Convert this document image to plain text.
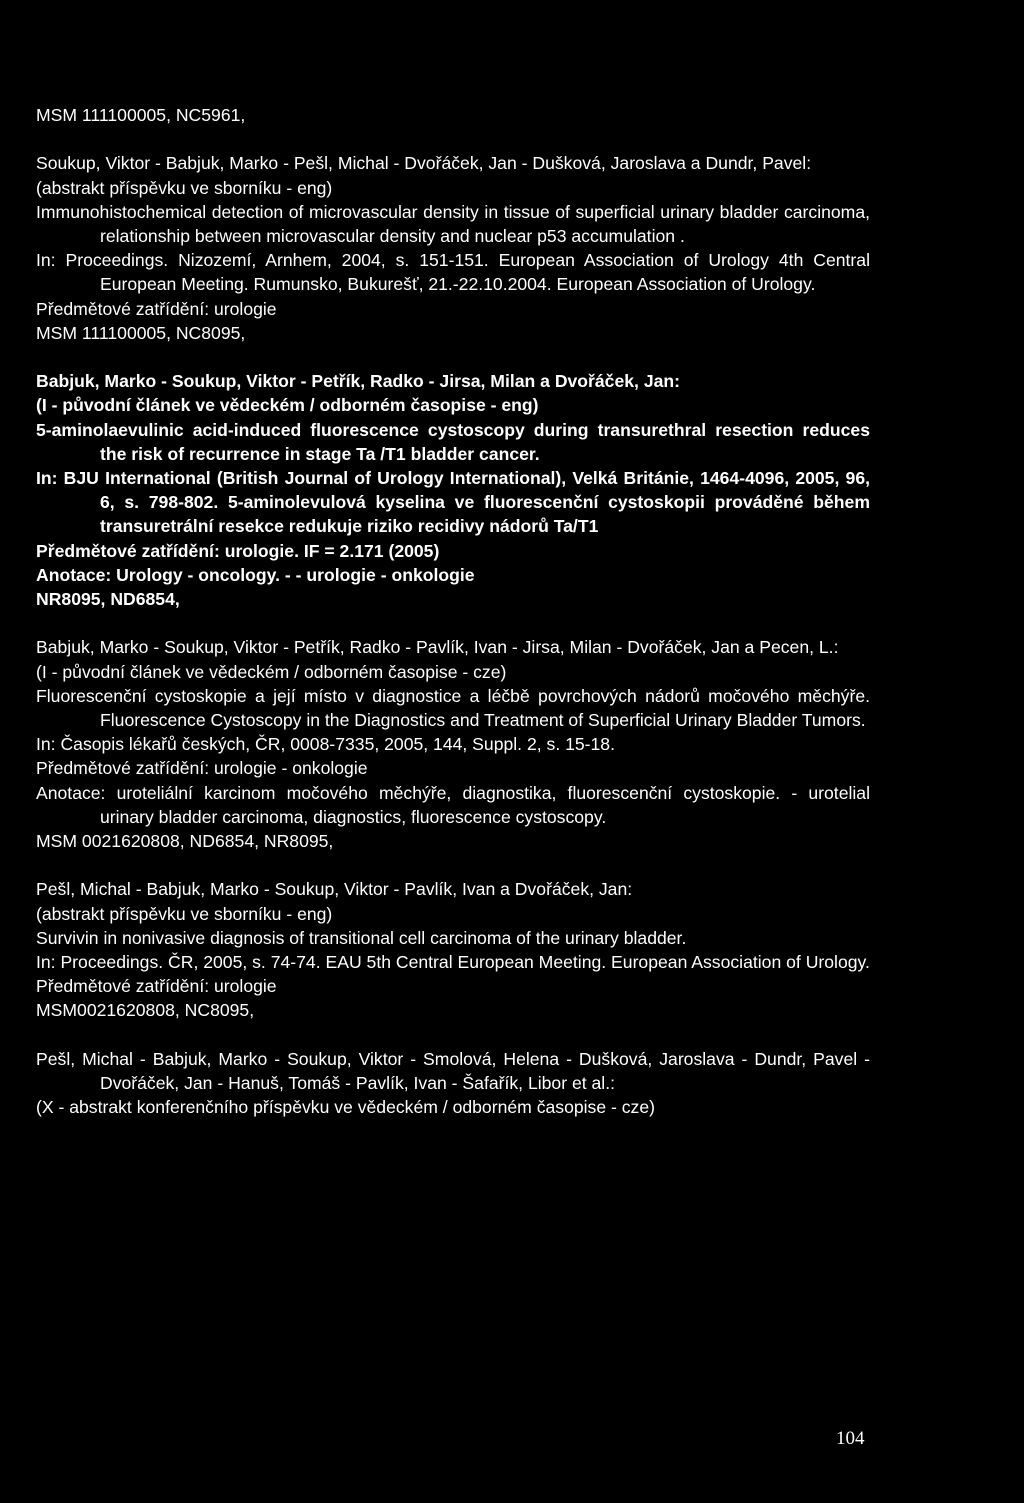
MSM 111100005, NC5961,

Soukup, Viktor - Babjuk, Marko - Pešl, Michal - Dvořáček, Jan - Dušková, Jaroslava a Dundr, Pavel:

(abstrakt příspěvku ve sborníku - eng)

Immunohistochemical detection of microvascular density in tissue of superficial urinary bladder carcinoma, relationship between microvascular density and nuclear p53 accumulation .

In: Proceedings. Nizozemí, Arnhem, 2004, s. 151-151. European Association of Urology 4th Central European Meeting. Rumunsko, Bukurešť, 21.-22.10.2004. European Association of Urology.

Předmětové zatřídění: urologie

MSM 111100005, NC8095,

Babjuk, Marko - Soukup, Viktor - Petřík, Radko - Jirsa, Milan a Dvořáček, Jan:

(I - původní článek ve vědeckém / odborném časopise - eng)

5-aminolaevulinic acid-induced fluorescence cystoscopy during transurethral resection reduces the risk of recurrence in stage Ta /T1 bladder cancer.

In: BJU International (British Journal of Urology International), Velká Británie, 1464-4096, 2005, 96, 6, s. 798-802. 5-aminolevulová kyselina ve fluorescenční cystoskopii prováděné během transuretrální resekce redukuje riziko recidivy nádorů Ta/T1

Předmětové zatřídění: urologie. IF = 2.171 (2005)

Anotace: Urology - oncology. - - urologie - onkologie

NR8095, ND6854,

Babjuk, Marko - Soukup, Viktor - Petřík, Radko - Pavlík, Ivan - Jirsa, Milan - Dvořáček, Jan a Pecen, L.:

(I - původní článek ve vědeckém / odborném časopise - cze)

Fluorescenční cystoskopie a její místo v diagnostice a léčbě povrchových nádorů močového měchýře. Fluorescence Cystoscopy in the Diagnostics and Treatment of Superficial Urinary Bladder Tumors.

In: Časopis lékařů českých, ČR, 0008-7335, 2005, 144, Suppl. 2, s. 15-18.

Předmětové zatřídění: urologie - onkologie

Anotace: uroteliální karcinom močového měchýře, diagnostika, fluorescenční cystoskopie. - urotelial urinary bladder carcinoma, diagnostics, fluorescence cystoscopy.

MSM 0021620808, ND6854, NR8095,

Pešl, Michal - Babjuk, Marko - Soukup, Viktor - Pavlík, Ivan a Dvořáček, Jan:

(abstrakt příspěvku ve sborníku - eng)

Survivin in nonivasive diagnosis of transitional cell carcinoma of the urinary bladder.

In: Proceedings. ČR, 2005, s. 74-74. EAU 5th Central European Meeting. European Association of Urology.

Předmětové zatřídění: urologie

MSM0021620808, NC8095,

Pešl, Michal - Babjuk, Marko - Soukup, Viktor - Smolová, Helena - Dušková, Jaroslava - Dundr, Pavel - Dvořáček, Jan - Hanuš, Tomáš - Pavlík, Ivan - Šafařík, Libor et al.:

(X - abstrakt konferenčního příspěvku ve vědeckém / odborném časopise - cze)

104
